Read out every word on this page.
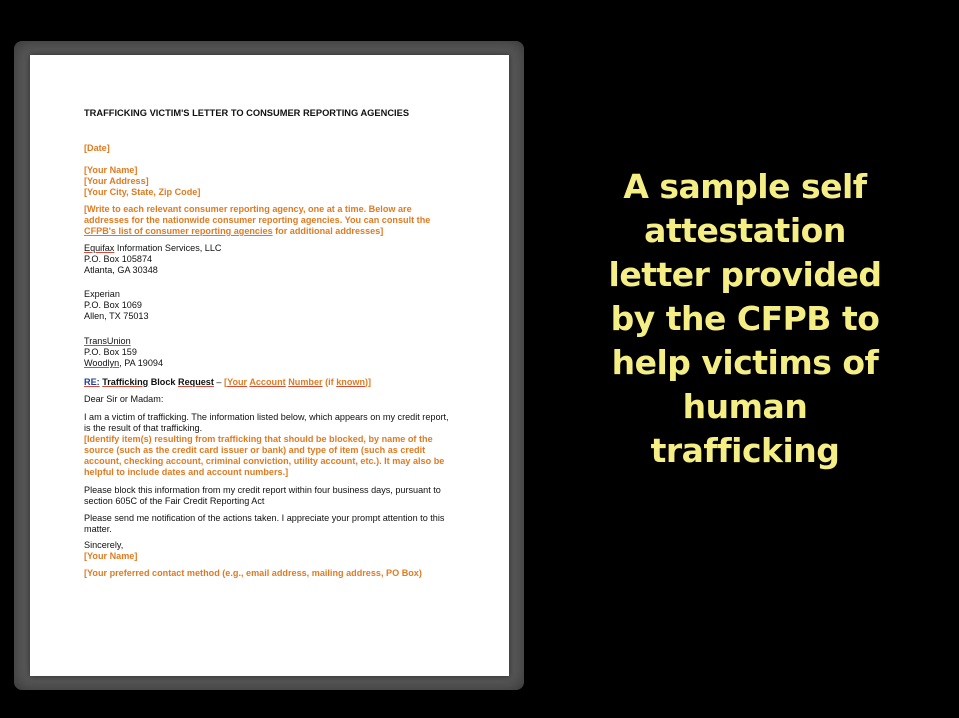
TRAFFICKING VICTIM'S LETTER TO CONSUMER REPORTING AGENCIES
[Date]
[Your Name]
[Your Address]
[Your City, State, Zip Code]
[Write to each relevant consumer reporting agency, one at a time. Below are
addresses for the nationwide consumer reporting agencies. You can consult the
CFPB's list of consumer reporting agencies for additional addresses]
Equifax Information Services, LLC
P.O. Box 105874
Atlanta, GA 30348
Experian
P.O. Box 1069
Allen, TX 75013
TransUnion
P.O. Box 159
Woodlyn, PA 19094
RE: Trafficking Block Request – [Your Account Number (if known)]
Dear Sir or Madam:
I am a victim of trafficking. The information listed below, which appears on my credit report,
is the result of that trafficking.
[Identify item(s) resulting from trafficking that should be blocked, by name of the
source (such as the credit card issuer or bank) and type of item (such as credit
account, checking account, criminal conviction, utility account, etc.). It may also be
helpful to include dates and account numbers.]
Please block this information from my credit report within four business days, pursuant to
section 605C of the Fair Credit Reporting Act
Please send me notification of the actions taken. I appreciate your prompt attention to this
matter.
Sincerely,
[Your Name]
[Your preferred contact method (e.g., email address, mailing address, PO Box)
A sample self
attestation
letter provided
by the CFPB to
help victims of
human
trafficking
